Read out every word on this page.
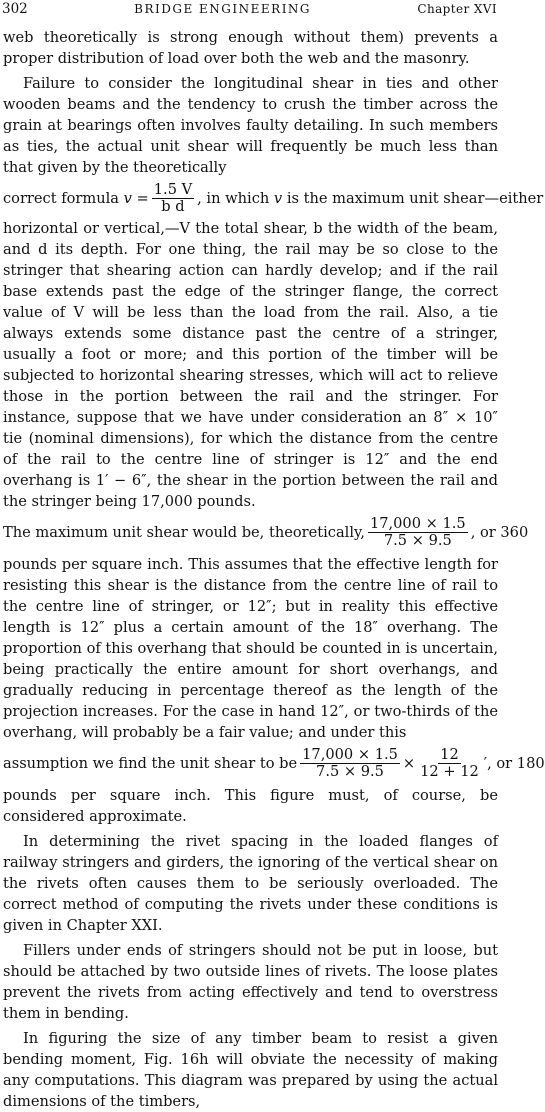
302	BRIDGE ENGINEERING	Chapter XVI

web theoretically is strong enough without them) prevents a proper distribution of load over both the web and the masonry.

Failure to consider the longitudinal shear in ties and other wooden beams and the tendency to crush the timber across the grain at bearings often involves faulty detailing. In such members as ties, the actual unit shear will frequently be much less than that given by the theoretically

correct formula
$v = \frac{1.5 V}{\text{b d}}$ , in which
v
is the maximum unit shear—either

horizontal or vertical,—V the total shear, b the width of the beam, and d its depth. For one thing, the rail may be so close to the stringer that shearing action can hardly develop; and if the rail base extends past the edge of the stringer flange, the correct value of V will be less than the load from the rail. Also, a tie always extends some distance past the centre of a stringer, usually a foot or more; and this portion of the timber will be subjected to horizontal shearing stresses, which will act to relieve those in the portion between the rail and the stringer. For instance, suppose that we have under consideration an 8″ × 10″ tie (nominal dimensions), for which the distance from the centre of the rail to the centre line of stringer is 12″ and the end overhang is 1′ − 6″, the shear in the portion between the rail and the stringer being 17,000 pounds.

The maximum unit shear would be, theoretically, $\frac{17,000 \times 1.5}{7.5 \times 9.5}$ , or 360

pounds per square inch. This assumes that the effective length for resisting this shear is the distance from the centre line of rail to the centre line of stringer, or 12″; but in reality this effective length is 12″ plus a certain amount of the 18″ overhang. The proportion of this overhang that should be counted in is uncertain, being practically the entire amount for short overhangs, and gradually reducing in percentage thereof as the length of the projection increases. For the case in hand 12″, or two-thirds of the overhang, will probably be a fair value; and under this

assumption we find the unit shear to be $\frac{17,000 \times 1.5}{7.5 \times 9.5} \times \frac{12}{12 + 12}$ ′, or 180

pounds per square inch. This figure must, of course, be considered approximate.

In determining the rivet spacing in the loaded flanges of railway stringers and girders, the ignoring of the vertical shear on the rivets often causes them to be seriously overloaded. The correct method of computing the rivets under these conditions is given in Chapter XXI.

Fillers under ends of stringers should not be put in loose, but should be attached by two outside lines of rivets. The loose plates prevent the rivets from acting effectively and tend to overstress them in bending.

In figuring the size of any timber beam to resist a given bending moment, Fig. 16h will obviate the necessity of making any computations. This diagram was prepared by using the actual dimensions of the timbers,
